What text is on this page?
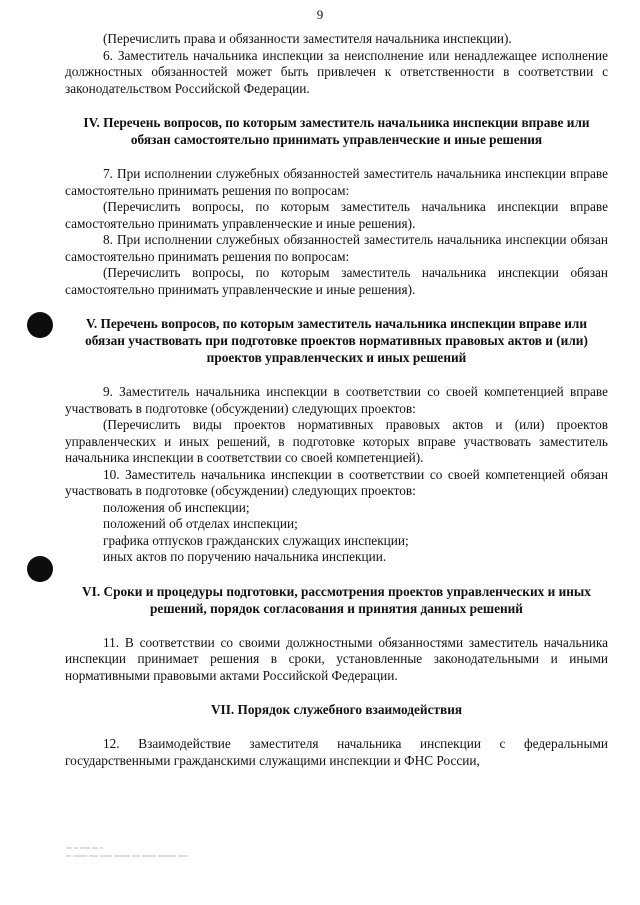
9

(Перечислить права и обязанности заместителя начальника инспекции).

6. Заместитель начальника инспекции за неисполнение или ненадлежащее исполнение должностных обязанностей может быть привлечен к ответственности в соответствии с законодательством Российской Федерации.

IV. Перечень вопросов, по которым заместитель начальника инспекции вправе или обязан самостоятельно принимать управленческие и иные решения

7. При исполнении служебных обязанностей заместитель начальника инспекции вправе самостоятельно принимать решения по вопросам:

(Перечислить вопросы, по которым заместитель начальника инспекции вправе самостоятельно принимать управленческие и иные решения).

8. При исполнении служебных обязанностей заместитель начальника инспекции обязан самостоятельно принимать решения по вопросам:

(Перечислить вопросы, по которым заместитель начальника инспекции обязан самостоятельно принимать управленческие и иные решения).

V. Перечень вопросов, по которым заместитель начальника инспекции вправе или обязан участвовать при подготовке проектов нормативных правовых актов и (или) проектов управленческих и иных решений

9. Заместитель начальника инспекции в соответствии со своей компетенцией вправе участвовать в подготовке (обсуждении) следующих проектов:

(Перечислить виды проектов нормативных правовых актов и (или) проектов управленческих и иных решений, в подготовке которых вправе участвовать заместитель начальника инспекции в соответствии со своей компетенцией).

10. Заместитель начальника инспекции в соответствии со своей компетенцией обязан участвовать в подготовке (обсуждении) следующих проектов:

положения об инспекции;

положений об отделах инспекции;

графика отпусков гражданских служащих инспекции;

иных актов по поручению начальника инспекции.

VI. Сроки и процедуры подготовки, рассмотрения проектов управленческих и иных решений, порядок согласования и принятия данных решений

11. В соответствии со своими должностными обязанностями заместитель начальника инспекции принимает решения в сроки, установленные законодательными и иными нормативными правовыми актами Российской Федерации.

VII. Порядок служебного взаимодействия

12. Взаимодействие заместителя начальника инспекции с федеральными государственными гражданскими служащими инспекции и ФНС России,
